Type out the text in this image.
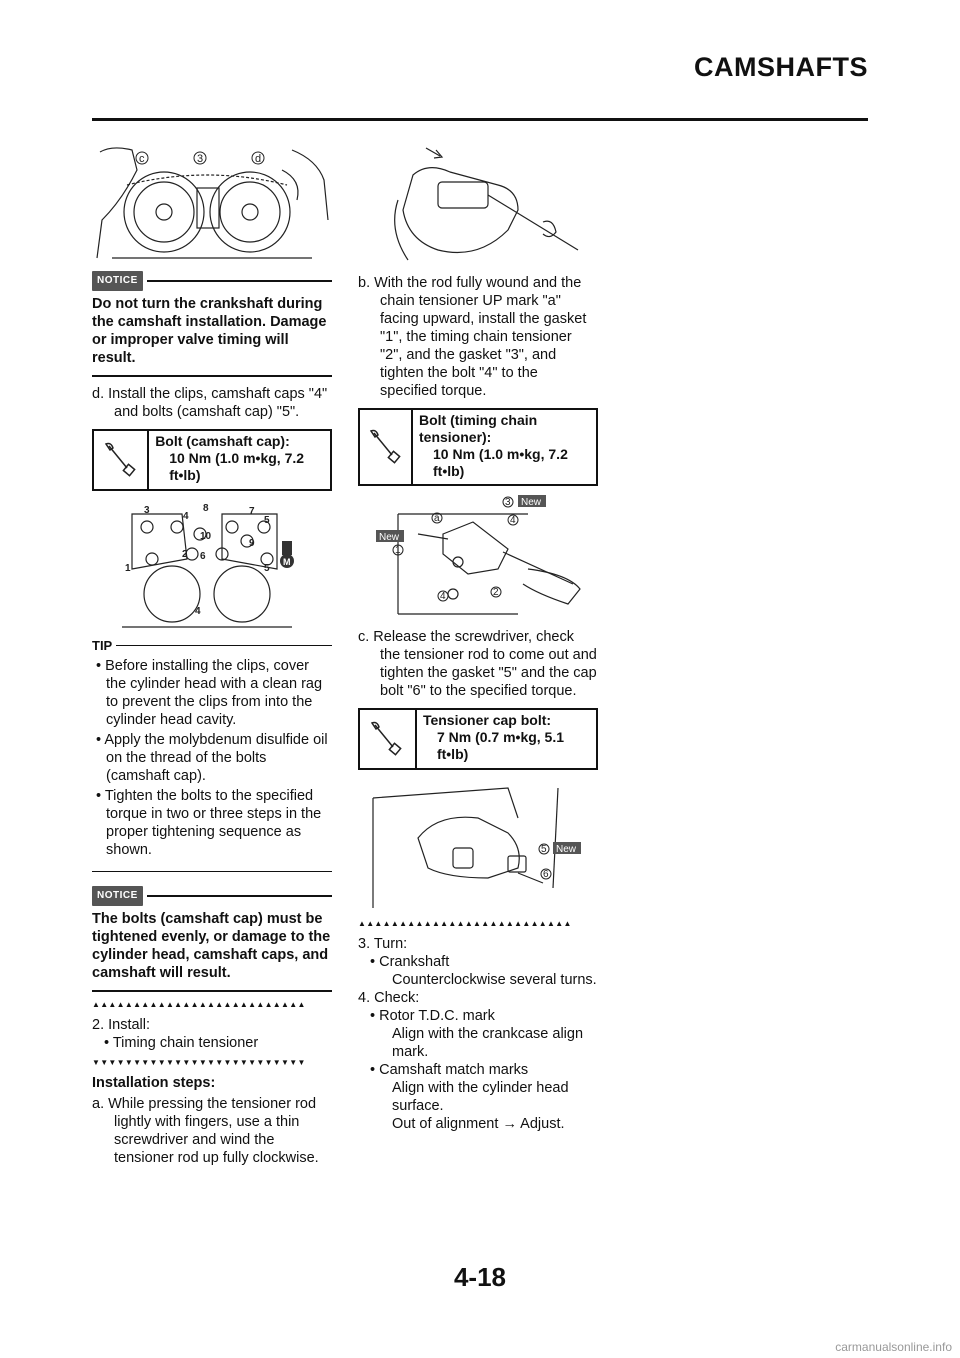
CAMSHAFTS
c	3	d
NOTICE
Do not turn the crankshaft during the camshaft installation. Damage or improper valve timing will result.
d. Install the clips, camshaft caps "4" and bolts (camshaft cap) "5".
Bolt (camshaft cap):
10 Nm (1.0 m•kg, 7.2 ft•lb)
3
4
8	7
5
10
9
2 6
1	5
4
M
TIP
• Before installing the clips, cover the cylinder head with a clean rag to prevent the clips from into the cylinder head cavity.
• Apply the molybdenum disulfide oil on the thread of the bolts (camshaft cap).
• Tighten the bolts to the specified torque in two or three steps in the proper tightening sequence as shown.
NOTICE
The bolts (camshaft cap) must be tightened evenly, or damage to the cylinder head, camshaft caps, and camshaft will result.
▲▲▲▲▲▲▲▲▲▲▲▲▲▲▲▲▲▲▲▲▲▲▲▲▲▲
2. Install:
• Timing chain tensioner
▼▼▼▼▼▼▼▼▼▼▼▼▼▼▼▼▼▼▼▼▼▼▼▼▼▼
Installation steps:
a. While pressing the tensioner rod lightly with fingers, use a thin screwdriver and wind the tensioner rod up fully clockwise.
b. With the rod fully wound and the chain tensioner UP mark "a" facing upward, install the gasket "1", the timing chain tensioner "2", and the gasket "3", and tighten the bolt "4" to the specified torque.
Bolt (timing chain tensioner):
10 Nm (1.0 m•kg, 7.2 ft•lb)
3 New
a	4
New
1
4	2
c. Release the screwdriver, check the tensioner rod to come out and tighten the gasket "5" and the cap bolt "6" to the specified torque.
Tensioner cap bolt:
7 Nm (0.7 m•kg, 5.1 ft•lb)
5 New
6
▲▲▲▲▲▲▲▲▲▲▲▲▲▲▲▲▲▲▲▲▲▲▲▲▲▲
3. Turn:
• Crankshaft
Counterclockwise several turns.
4. Check:
• Rotor T.D.C. mark
Align with the crankcase align mark.
• Camshaft match marks
Align with the cylinder head surface.
Out of alignment → Adjust.
4-18
carmanualsonline.info
